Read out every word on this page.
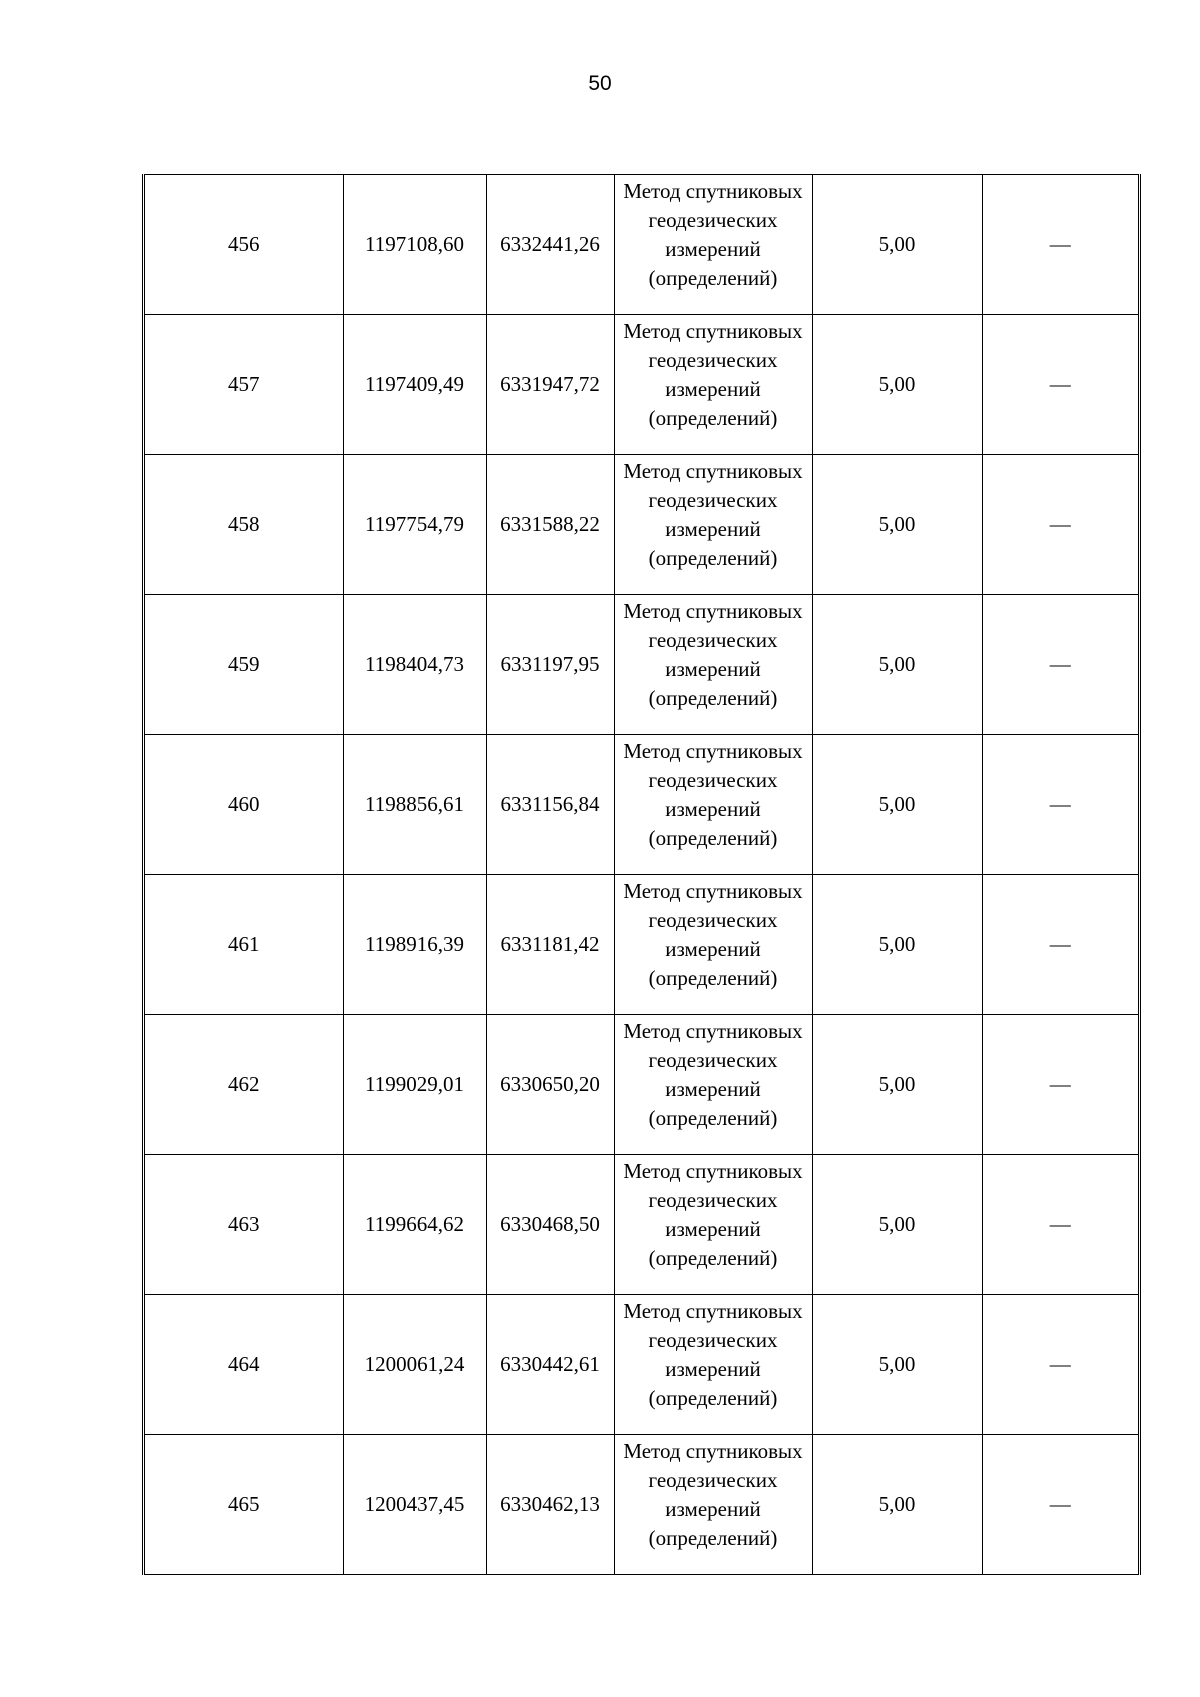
50
456	1197108,60	6332441,26	Метод спутниковых
геодезических
измерений
(определений)	5,00	—
457	1197409,49	6331947,72	Метод спутниковых
геодезических
измерений
(определений)	5,00	—
458	1197754,79	6331588,22	Метод спутниковых
геодезических
измерений
(определений)	5,00	—
459	1198404,73	6331197,95	Метод спутниковых
геодезических
измерений
(определений)	5,00	—
460	1198856,61	6331156,84	Метод спутниковых
геодезических
измерений
(определений)	5,00	—
461	1198916,39	6331181,42	Метод спутниковых
геодезических
измерений
(определений)	5,00	—
462	1199029,01	6330650,20	Метод спутниковых
геодезических
измерений
(определений)	5,00	—
463	1199664,62	6330468,50	Метод спутниковых
геодезических
измерений
(определений)	5,00	—
464	1200061,24	6330442,61	Метод спутниковых
геодезических
измерений
(определений)	5,00	—
465	1200437,45	6330462,13	Метод спутниковых
геодезических
измерений
(определений)	5,00	—
